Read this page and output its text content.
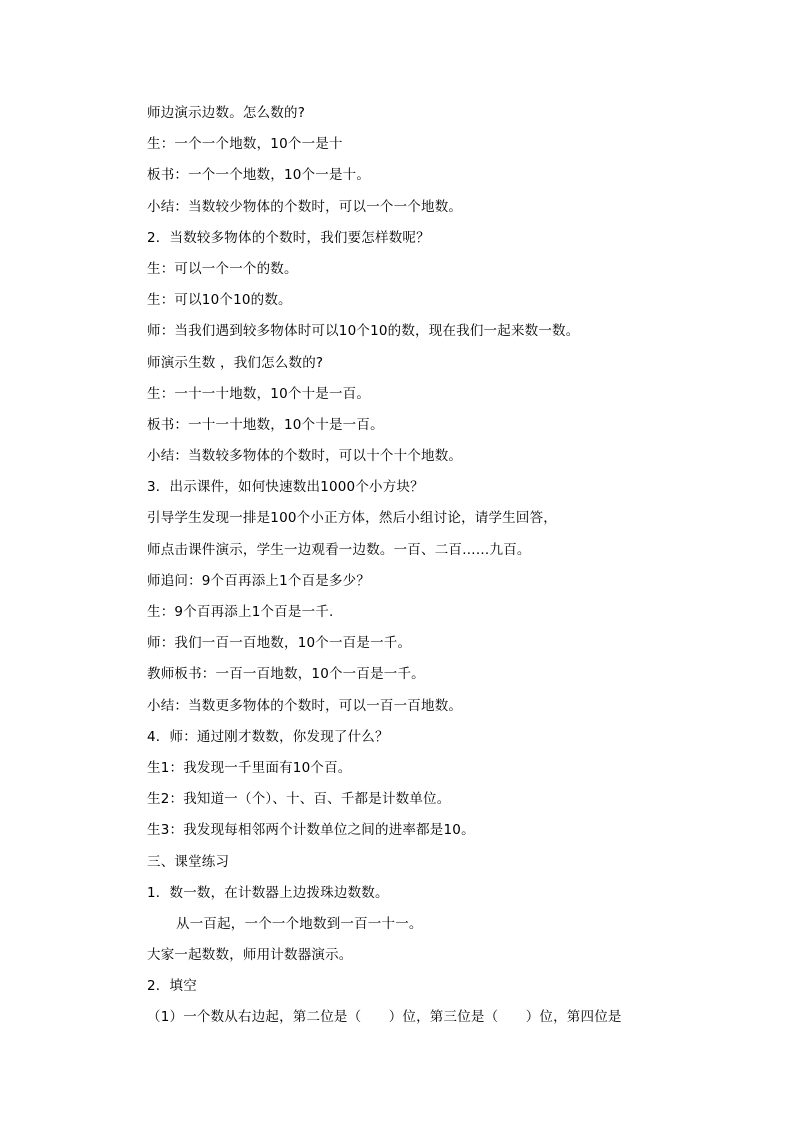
师边演示边数。怎么数的?
生：一个一个地数，10个一是十
板书：一个一个地数，10个一是十。
小结：当数较少物体的个数时，可以一个一个地数。
2．当数较多物体的个数时，我们要怎样数呢？
生：可以一个一个的数。
生：可以10个10的数。
师：当我们遇到较多物体时可以10个10的数，现在我们一起来数一数。
师演示生数 ，我们怎么数的?
生：一十一十地数，10个十是一百。
板书：一十一十地数，10个十是一百。
小结：当数较多物体的个数时，可以十个十个地数。
3．出示课件，如何快速数出1000个小方块？
引导学生发现一排是100个小正方体，然后小组讨论，请学生回答，
师点击课件演示，学生一边观看一边数。一百、二百……九百。
师追问：9个百再添上1个百是多少？
生：9个百再添上1个百是一千.
师：我们一百一百地数，10个一百是一千。
教师板书：一百一百地数，10个一百是一千。
小结：当数更多物体的个数时，可以一百一百地数。
4．师：通过刚才数数，你发现了什么？
生1：我发现一千里面有10个百。
生2：我知道一（个）、十、百、千都是计数单位。
生3：我发现每相邻两个计数单位之间的进率都是10。
三、课堂练习
1．数一数，在计数器上边拨珠边数数。
从一百起，一个一个地数到一百一十一。
大家一起数数，师用计数器演示。
2．填空
（1）一个数从右边起，第二位是（　　）位，第三位是（　　）位，第四位是
